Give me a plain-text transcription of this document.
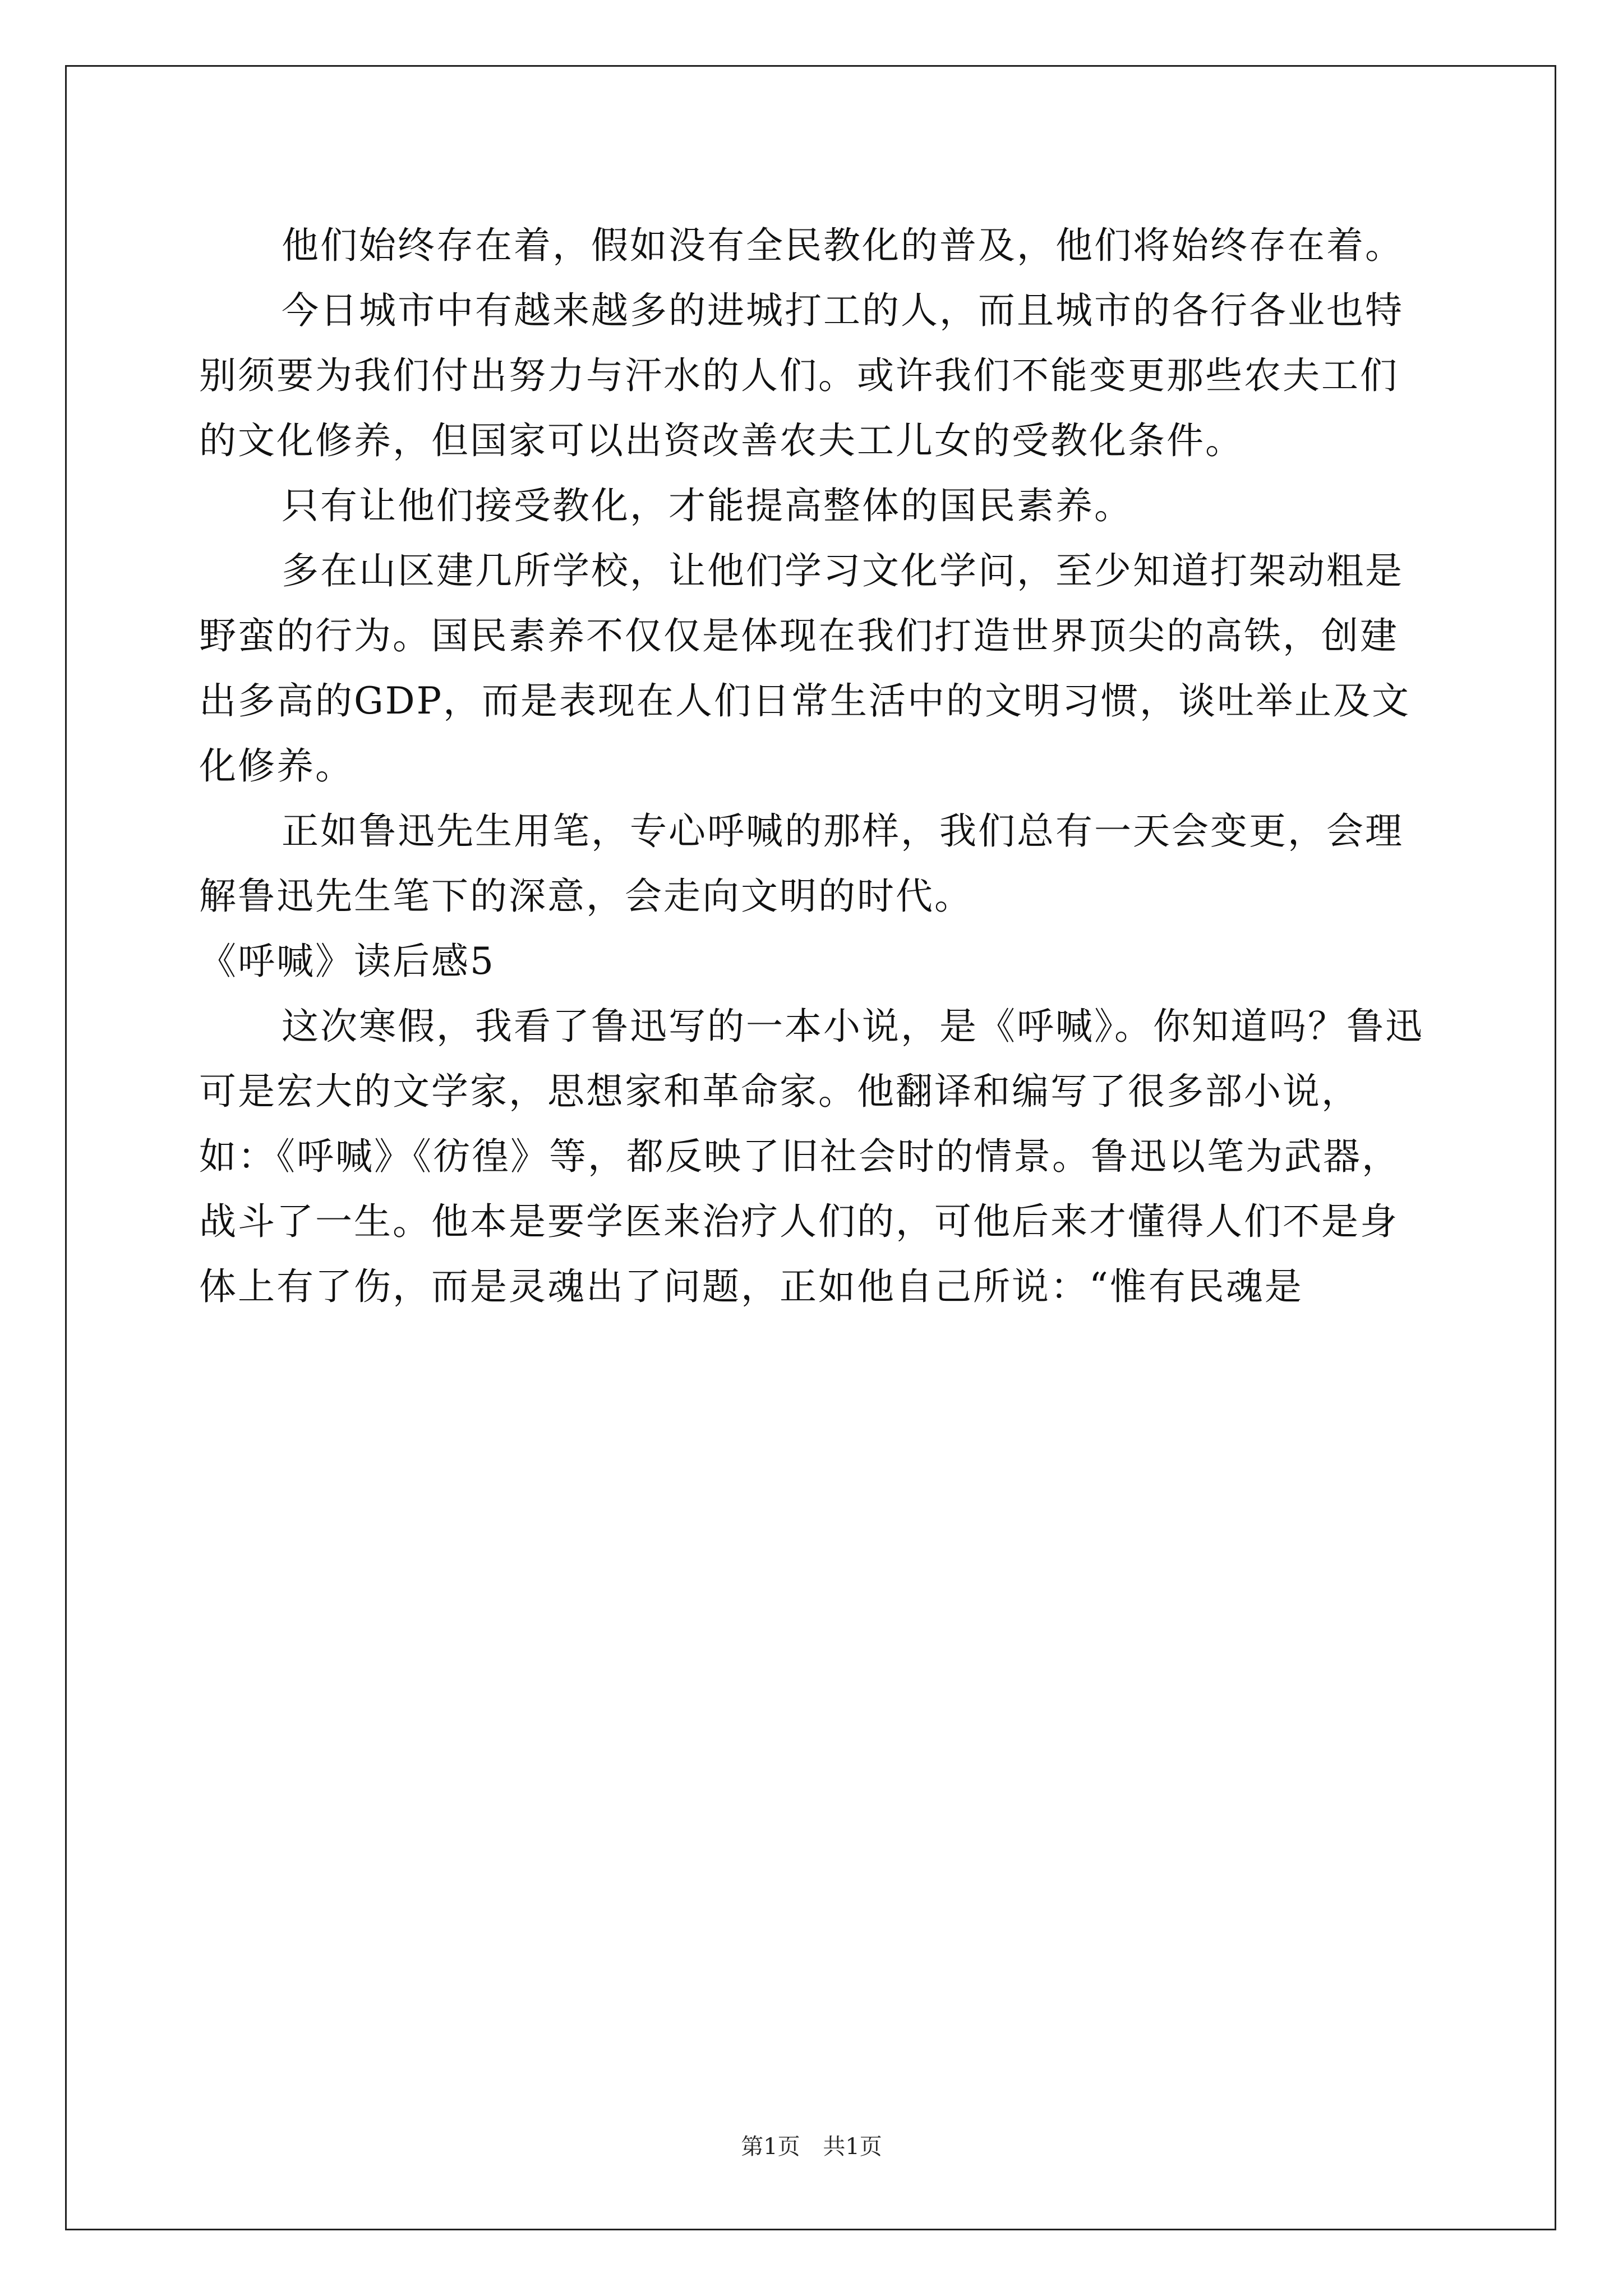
他们始终存在着，假如没有全民教化的普及，他们将始终存在着。

今日城市中有越来越多的进城打工的人，而且城市的各行各业也特别须要为我们付出努力与汗水的人们。或许我们不能变更那些农夫工们的文化修养，但国家可以出资改善农夫工儿女的受教化条件。

只有让他们接受教化，才能提高整体的国民素养。

多在山区建几所学校，让他们学习文化学问，至少知道打架动粗是野蛮的行为。国民素养不仅仅是体现在我们打造世界顶尖的高铁，创建出多高的GDP，而是表现在人们日常生活中的文明习惯，谈吐举止及文化修养。

正如鲁迅先生用笔，专心呼喊的那样，我们总有一天会变更，会理解鲁迅先生笔下的深意，会走向文明的时代。

《呼喊》读后感5

这次寒假，我看了鲁迅写的一本小说，是《呼喊》。你知道吗？鲁迅可是宏大的文学家，思想家和革命家。他翻译和编写了很多部小说，如：《呼喊》《彷徨》等，都反映了旧社会时的情景。鲁迅以笔为武器，战斗了一生。他本是要学医来治疗人们的，可他后来才懂得人们不是身体上有了伤，而是灵魂出了问题，正如他自己所说：“惟有民魂是

第1页 共1页
